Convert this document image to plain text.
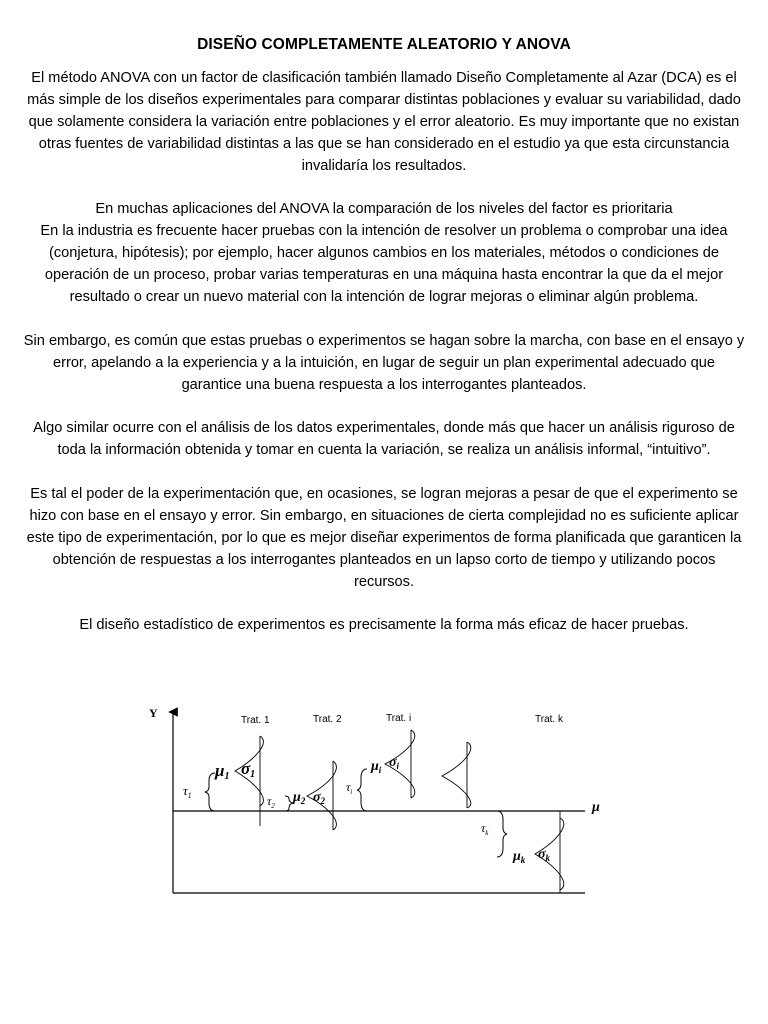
DISEÑO COMPLETAMENTE ALEATORIO Y ANOVA

El método ANOVA con un factor de clasificación también llamado Diseño Completamente al Azar (DCA) es el
más simple de los diseños experimentales para comparar distintas poblaciones y evaluar su variabilidad, dado
que solamente considera la variación entre poblaciones y el error aleatorio. Es muy importante que no existan
otras fuentes de variabilidad distintas a las que se han considerado en el estudio ya que esta circunstancia
invalidaría los resultados.

En muchas aplicaciones del ANOVA la comparación de los niveles del factor es prioritaria
En la industria es frecuente hacer pruebas con la intención de resolver un problema o comprobar una idea
(conjetura, hipótesis); por ejemplo, hacer algunos cambios en los materiales, métodos o condiciones de
operación de un proceso, probar varias temperaturas en una máquina hasta encontrar la que da el mejor
resultado o crear un nuevo material con la intención de lograr mejoras o eliminar algún problema.

Sin embargo, es común que estas pruebas o experimentos se hagan sobre la marcha, con base en el ensayo y
error, apelando a la experiencia y a la intuición, en lugar de seguir un plan experimental adecuado que
garantice una buena respuesta a los interrogantes planteados.

Algo similar ocurre con el análisis de los datos experimentales, donde más que hacer un análisis riguroso de
toda la información obtenida y tomar en cuenta la variación, se realiza un análisis informal, “intuitivo”.

Es tal el poder de la experimentación que, en ocasiones, se logran mejoras a pesar de que el experimento se
hizo con base en el ensayo y error. Sin embargo, en situaciones de cierta complejidad no es suficiente aplicar
este tipo de experimentación, por lo que es mejor diseñar experimentos de forma planificada que garanticen la
obtención de respuestas a los interrogantes planteados en un lapso corto de tiempo y utilizando pocos
recursos.

El diseño estadístico de experimentos es precisamente la forma más eficaz de hacer pruebas.

Y
μ
Trat. 1	Trat. 2	Trat. i	Trat. k
$\tau_1$
μ1 σ1
$\tau_2$
$\mu_2$ $\sigma_2$
$\tau_i$
$\mu_i$ $\sigma_i$
$\tau_k$
$\mu_k$ $\sigma_k$
